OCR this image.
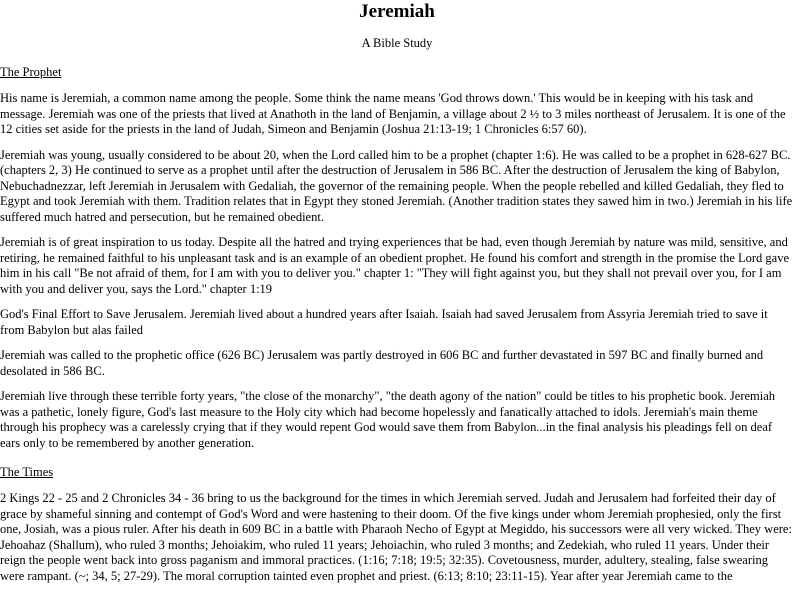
Jeremiah
A Bible Study
The Prophet

His name is Jeremiah, a common name among the people. Some think the name means 'God throws down.' This would be in keeping with his task and message. Jeremiah was one of the priests that lived at Anathoth in the land of Benjamin, a village about 2 ½ to 3 miles northeast of Jerusalem. It is one of the 12 cities set aside for the priests in the land of Judah, Simeon and Benjamin (Joshua 21:13-19; 1 Chronicles 6:57 60).

Jeremiah was young, usually considered to be about 20, when the Lord called him to be a prophet (chapter 1:6). He was called to be a prophet in 628-627 BC. (chapters 2, 3) He continued to serve as a prophet until after the destruction of Jerusalem in 586 BC. After the destruction of Jerusalem the king of Babylon, Nebuchadnezzar, left Jeremiah in Jerusalem with Gedaliah, the governor of the remaining people. When the people rebelled and killed Gedaliah, they fled to Egypt and took Jeremiah with them. Tradition relates that in Egypt they stoned Jeremiah. (Another tradition states they sawed him in two.) Jeremiah in his life suffered much hatred and persecution, but he remained obedient.

Jeremiah is of great inspiration to us today. Despite all the hatred and trying experiences that be had, even though Jeremiah by nature was mild, sensitive, and retiring, he remained faithful to his unpleasant task and is an example of an obedient prophet. He found his comfort and strength in the promise the Lord gave him in his call "Be not afraid of them, for I am with you to deliver you." chapter 1: "They will fight against you, but they shall not prevail over you, for I am with you and deliver you, says the Lord." chapter 1:19

God's Final Effort to Save Jerusalem. Jeremiah lived about a hundred years after Isaiah. Isaiah had saved Jerusalem from Assyria Jeremiah tried to save it from Babylon but alas failed

Jeremiah was called to the prophetic office (626 BC) Jerusalem was partly destroyed in 606 BC and further devastated in 597 BC and finally burned and desolated in 586 BC.

Jeremiah live through these terrible forty years, "the close of the monarchy", "the death agony of the nation" could be titles to his prophetic book. Jeremiah was a pathetic, lonely figure, God's last measure to the Holy city which had become hopelessly and fanatically attached to idols. Jeremiah's main theme through his prophecy was a carelessly crying that if they would repent God would save them from Babylon...in the final analysis his pleadings fell on deaf ears only to be remembered by another generation.

The Times

2 Kings 22 - 25 and 2 Chronicles 34 - 36 bring to us the background for the times in which Jeremiah served. Judah and Jerusalem had forfeited their day of grace by shameful sinning and contempt of God's Word and were hastening to their doom. Of the five kings under whom Jeremiah prophesied, only the first one, Josiah, was a pious ruler. After his death in 609 BC in a battle with Pharaoh Necho of Egypt at Megiddo, his successors were all very wicked. They were: Jehoahaz (Shallum), who ruled 3 months; Jehoiakim, who ruled 11 years; Jehoiachin, who ruled 3 months; and Zedekiah, who ruled 11 years. Under their reign the people went back into gross paganism and immoral practices. (1:16; 7:18; 19:5; 32:35). Covetousness, murder, adultery, stealing, false swearing were rampant. (~; 34, 5; 27-29). The moral corruption tainted even prophet and priest. (6:13; 8:10; 23:11-15). Year after year Jeremiah came to the
